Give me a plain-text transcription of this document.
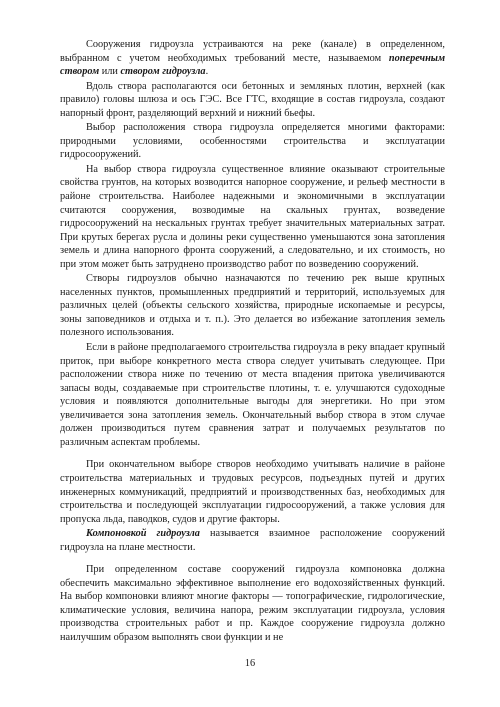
Сооружения гидроузла устраиваются на реке (канале) в определенном, выбранном с учетом необходимых требований месте, называемом поперечным створом или створом гидроузла.

Вдоль створа располагаются оси бетонных и земляных плотин, верхней (как правило) головы шлюза и ось ГЭС. Все ГТС, входящие в состав гидроузла, создают напорный фронт, разделяющий верхний и нижний бьефы.

Выбор расположения створа гидроузла определяется многими факторами: природными условиями, особенностями строительства и эксплуатации гидросооружений.

На выбор створа гидроузла существенное влияние оказывают строительные свойства грунтов, на которых возводится напорное сооружение, и рельеф местности в районе строительства. Наиболее надежными и экономичными в эксплуатации считаются сооружения, возводимые на скальных грунтах, возведение гидросооружений на нескальных грунтах требует значительных материальных затрат. При крутых берегах русла и долины реки существенно уменьшаются зона затопления земель и длина напорного фронта сооружений, а следовательно, и их стоимость, но при этом может быть затруднено производство работ по возведению сооружений.

Створы гидроузлов обычно назначаются по течению рек выше крупных населенных пунктов, промышленных предприятий и территорий, используемых для различных целей (объекты сельского хозяйства, природные ископаемые и ресурсы, зоны заповедников и отдыха и т. п.). Это делается во избежание затопления земель полезного использования.

Если в районе предполагаемого строительства гидроузла в реку впадает крупный приток, при выборе конкретного места створа следует учитывать следующее. При расположении створа ниже по течению от места впадения притока увеличиваются запасы воды, создаваемые при строительстве плотины, т. е. улучшаются судоходные условия и появляются дополнительные выгоды для энергетики. Но при этом увеличивается зона затопления земель. Окончательный выбор створа в этом случае должен производиться путем сравнения затрат и получаемых результатов по различным аспектам проблемы.

При окончательном выборе створов необходимо учитывать наличие в районе строительства материальных и трудовых ресурсов, подъездных путей и других инженерных коммуникаций, предприятий и производственных баз, необходимых для строительства и последующей эксплуатации гидросооружений, а также условия для пропуска льда, паводков, судов и другие факторы.

Компоновкой гидроузла называется взаимное расположение сооружений гидроузла на плане местности.

При определенном составе сооружений гидроузла компоновка должна обеспечить максимально эффективное выполнение его водохозяйственных функций. На выбор компоновки влияют многие факторы — топографические, гидрологические, климатические условия, величина напора, режим эксплуатации гидроузла, условия производства строительных работ и пр. Каждое сооружение гидроузла должно наилучшим образом выполнять свои функции и не

16
